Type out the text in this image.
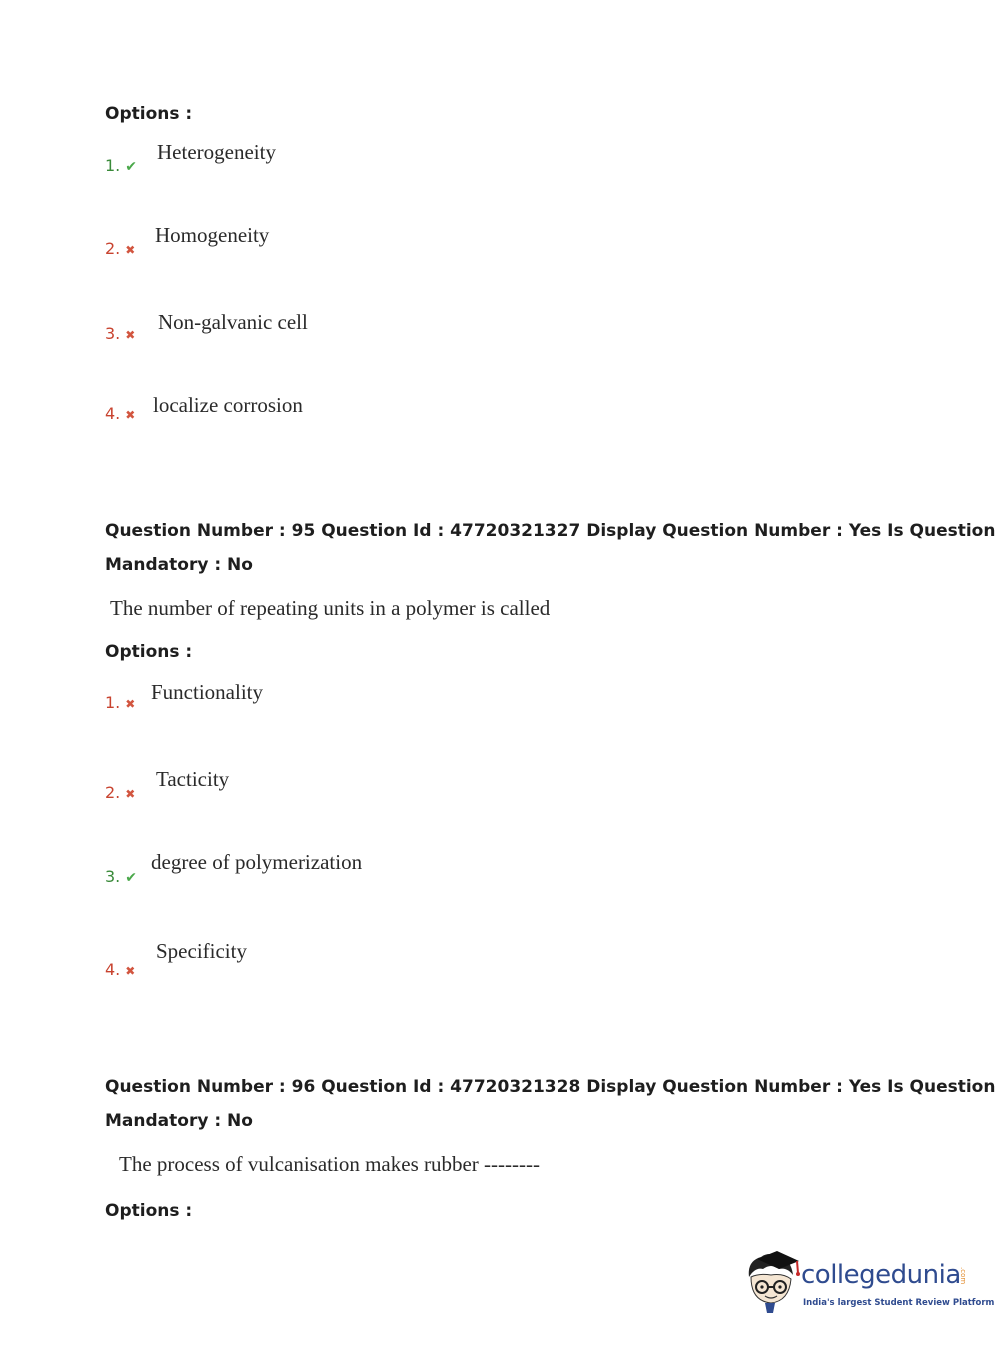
Options :
1. ✔
Heterogeneity
2. ✖
Homogeneity
3. ✖
Non-galvanic cell
4. ✖ localize corrosion
Question Number : 95 Question Id : 47720321327 Display Question Number : Yes Is Question
Mandatory : No
The number of repeating units in a polymer is called
Options :
1. ✖ Functionality
2. ✖
Tacticity
3. ✔
degree of polymerization
4. ✖
Specificity
Question Number : 96 Question Id : 47720321328 Display Question Number : Yes Is Question
Mandatory : No
The process of vulcanisation makes rubber --------
Options :
collegedunia
.com
India's largest Student Review Platform
